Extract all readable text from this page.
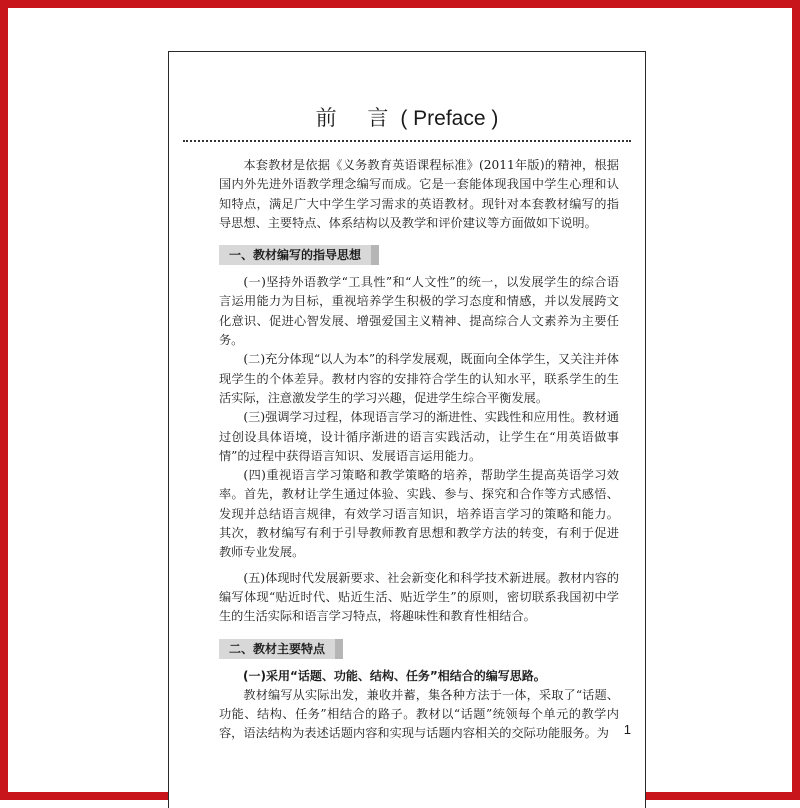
前 言( Preface )

本套教材是依据《义务教育英语课程标准》(2011年版)的精神，根据国内外先进外语教学理念编写而成。它是一套能体现我国中学生心理和认知特点，满足广大中学生学习需求的英语教材。现针对本套教材编写的指导思想、主要特点、体系结构以及教学和评价建议等方面做如下说明。

一、教材编写的指导思想

(一)坚持外语教学“工具性”和“人文性”的统一，以发展学生的综合语言运用能力为目标，重视培养学生积极的学习态度和情感，并以发展跨文化意识、促进心智发展、增强爱国主义精神、提高综合人文素养为主要任务。

(二)充分体现“以人为本”的科学发展观，既面向全体学生，又关注并体现学生的个体差异。教材内容的安排符合学生的认知水平，联系学生的生活实际，注意激发学生的学习兴趣，促进学生综合平衡发展。

(三)强调学习过程，体现语言学习的渐进性、实践性和应用性。教材通过创设具体语境，设计循序渐进的语言实践活动，让学生在“用英语做事情”的过程中获得语言知识、发展语言运用能力。

(四)重视语言学习策略和教学策略的培养，帮助学生提高英语学习效率。首先，教材让学生通过体验、实践、参与、探究和合作等方式感悟、发现并总结语言规律，有效学习语言知识，培养语言学习的策略和能力。其次，教材编写有利于引导教师教育思想和教学方法的转变，有利于促进教师专业发展。

(五)体现时代发展新要求、社会新变化和科学技术新进展。教材内容的编写体现“贴近时代、贴近生活、贴近学生”的原则，密切联系我国初中学生的生活实际和语言学习特点，将趣味性和教育性相结合。

二、教材主要特点

(一)采用“话题、功能、结构、任务”相结合的编写思路。

教材编写从实际出发，兼收并蓄，集各种方法于一体，采取了“话题、功能、结构、任务”相结合的路子。教材以“话题”统领每个单元的教学内容，语法结构为表述话题内容和实现与话题内容相关的交际功能服务。为	1
